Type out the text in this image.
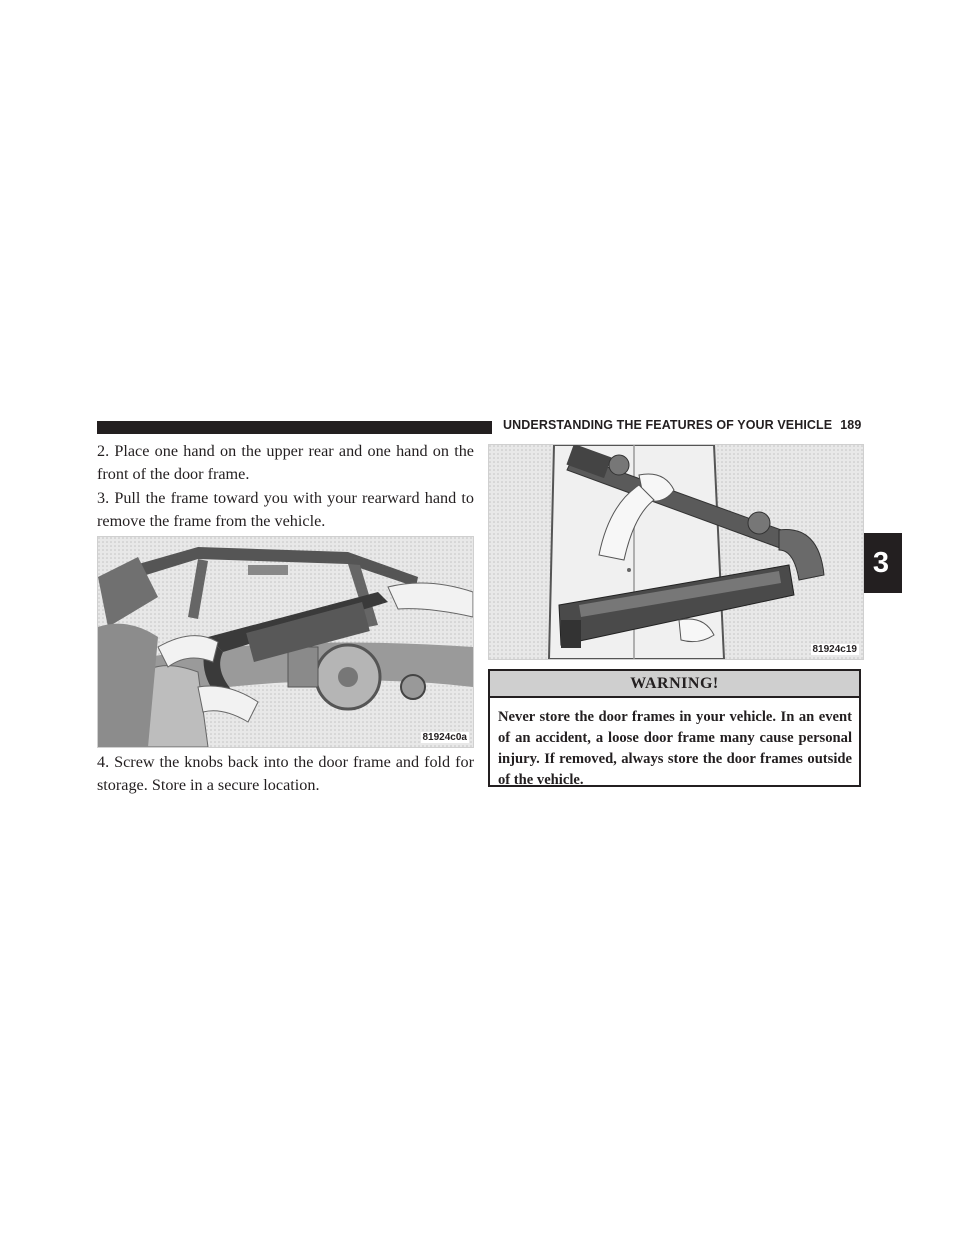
UNDERSTANDING THE FEATURES OF YOUR VEHICLE 189
3

2. Place one hand on the upper rear and one hand on the front of the door frame.

3. Pull the frame toward you with your rearward hand to remove the frame from the vehicle.

81924c0a

4. Screw the knobs back into the door frame and fold for storage. Store in a secure location.

81924c19
WARNING!
Never store the door frames in your vehicle. In an event of an accident, a loose door frame many cause personal injury. If removed, always store the door frames outside of the vehicle.
